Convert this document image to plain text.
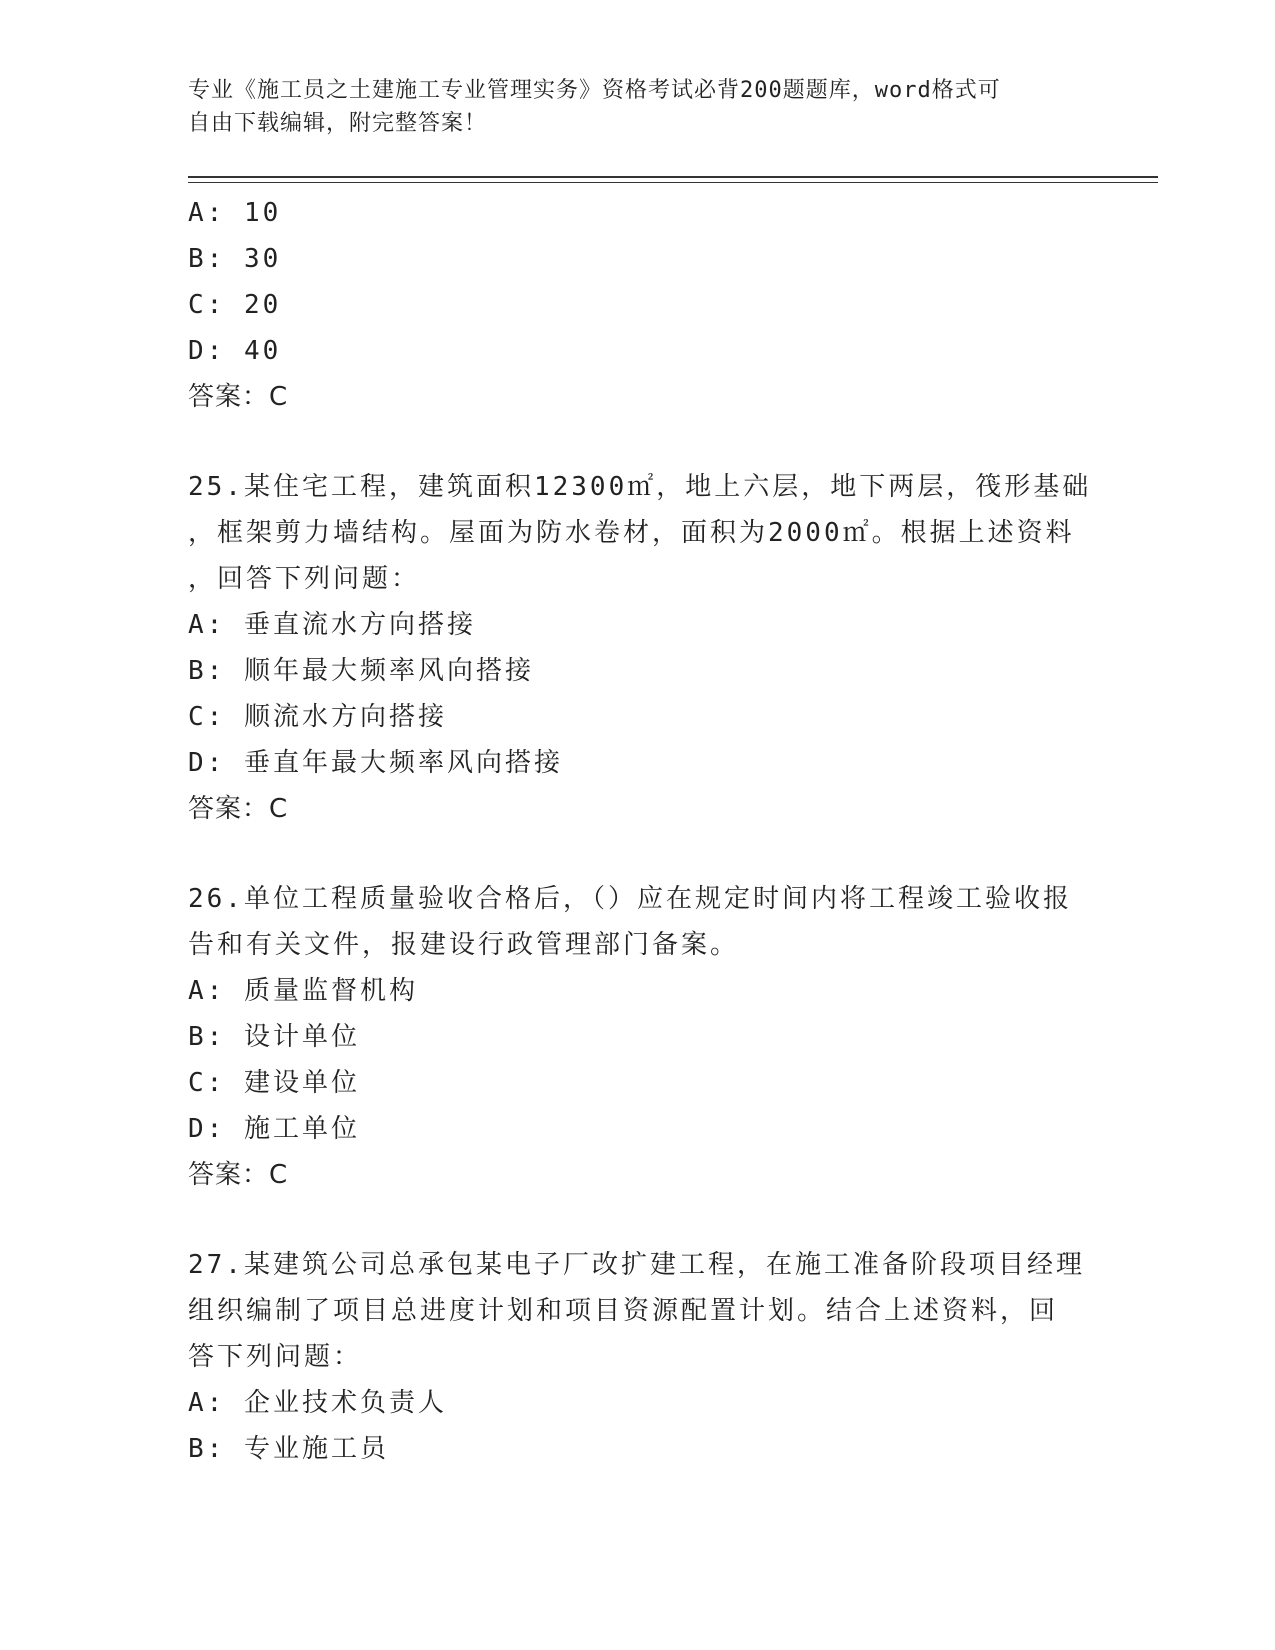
专业《施工员之土建施工专业管理实务》资格考试必背200题题库，word格式可
自由下载编辑，附完整答案！
A: 10
B: 30
C: 20
D: 40
答案：C
25.某住宅工程，建筑面积12300㎡，地上六层，地下两层，筏形基础
，框架剪力墙结构。屋面为防水卷材，面积为2000㎡。根据上述资料
，回答下列问题：
A: 垂直流水方向搭接
B: 顺年最大频率风向搭接
C: 顺流水方向搭接
D: 垂直年最大频率风向搭接
答案：C
26.单位工程质量验收合格后，（）应在规定时间内将工程竣工验收报
告和有关文件，报建设行政管理部门备案。
A: 质量监督机构
B: 设计单位
C: 建设单位
D: 施工单位
答案：C
27.某建筑公司总承包某电子厂改扩建工程，在施工准备阶段项目经理
组织编制了项目总进度计划和项目资源配置计划。结合上述资料，回
答下列问题：
A: 企业技术负责人
B: 专业施工员
